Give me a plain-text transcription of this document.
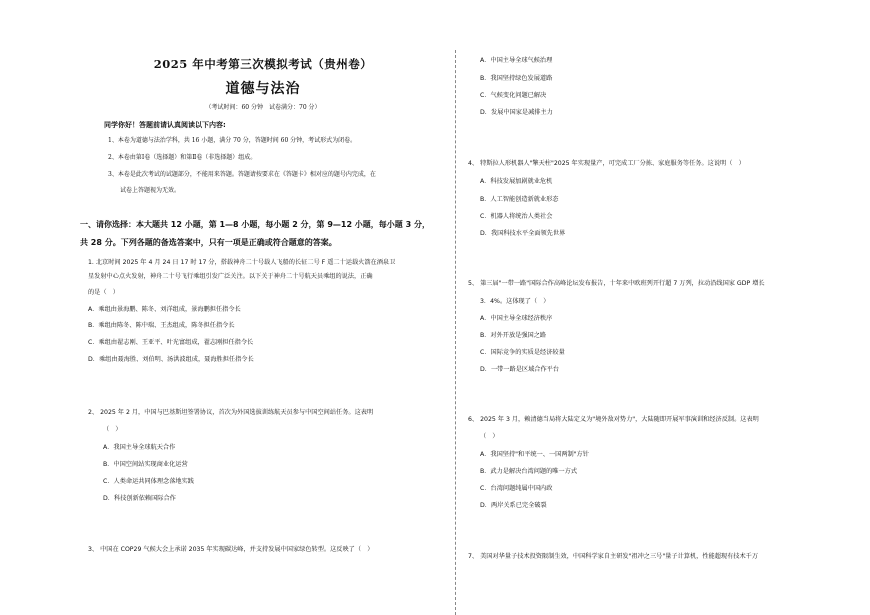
2025 年中考第三次模拟考试（贵州卷）
道德与法治
（考试时间：60 分钟　试卷满分：70 分）
同学你好！答题前请认真阅读以下内容:
1、本卷为道德与法治学科，共 16 小题，满分 70 分，答题时间 60 分钟，考试形式为闭卷。
2、本卷由第Ⅰ卷（选择题）和第Ⅱ卷（非选择题）组成。
3、本卷是此次考试的试题部分，不能用来答题。答题请按要求在《答题卡》相对应的题号内完成，在
试卷上答题视为无效。
一、请你选择：本大题共 12 小题，第 1—8 小题，每小题 2 分，第 9—12 小题，每小题 3 分，
共 28 分。下列各题的备选答案中，只有一项是正确或符合题意的答案。
1. 北京时间 2025 年 4 月 24 日 17 时 17 分，搭载神舟二十号载人飞船的长征二号 F 遥二十运载火箭在酒泉卫
星发射中心点火发射，神舟二十号飞行乘组引发广泛关注。以下关于神舟二十号航天员乘组的说法，正确
的是（　）
A．乘组由景海鹏、陈冬、刘洋组成，景海鹏担任指令长
B．乘组由陈冬、陈中瑞、王杰组成，陈冬担任指令长
C．乘组由翟志刚、王亚平、叶光富组成，翟志刚担任指令长
D．乘组由聂海胜、刘伯明、汤洪波组成，聂海胜担任指令长
2、 2025 年 2 月，中国与巴基斯坦签署协议，首次为外国选拔训练航天员参与中国空间站任务。这表明
（　）
A．我国主导全球航天合作
B．中国空间站实现商业化运营
C．人类命运共同体理念落地实践
D．科技创新依赖国际合作
3、 中国在 COP29 气候大会上承诺 2035 年实现碳达峰，并支持发展中国家绿色转型。这反映了（　）
A．中国主导全球气候治理
B．我国坚持绿色发展道路
C．气候变化问题已解决
D．发展中国家是减排主力
4、 特斯拉人形机器人"擎天柱"2025 年实现量产，可完成工厂分拣、家庭服务等任务。这说明（　）
A．科技发展加剧就业危机
B．人工智能创造新就业形态
C．机器人将统治人类社会
D．我国科技水平全面领先世界
5、 第三届"一带一路"国际合作高峰论坛发布报告，十年来中欧班列开行超 7 万列，拉动沿线国家 GDP 增长
3．4%。这体现了（　）
A．中国主导全球经济秩序
B．对外开放是强国之路
C．国际竞争的实质是经济较量
D．一带一路是区域合作平台
6、 2025 年 3 月，赖清德当局将大陆定义为"境外敌对势力"，大陆随即开展军事演训和经济反制。这表明
（　）
A．我国坚持"和平统一、一国两制"方针
B．武力是解决台湾问题的唯一方式
C．台湾问题纯属中国内政
D．两岸关系已完全破裂
7、 美国对华量子技术投资限制生效，中国科学家自主研发"祖冲之三号"量子计算机，性能超现有技术千万
